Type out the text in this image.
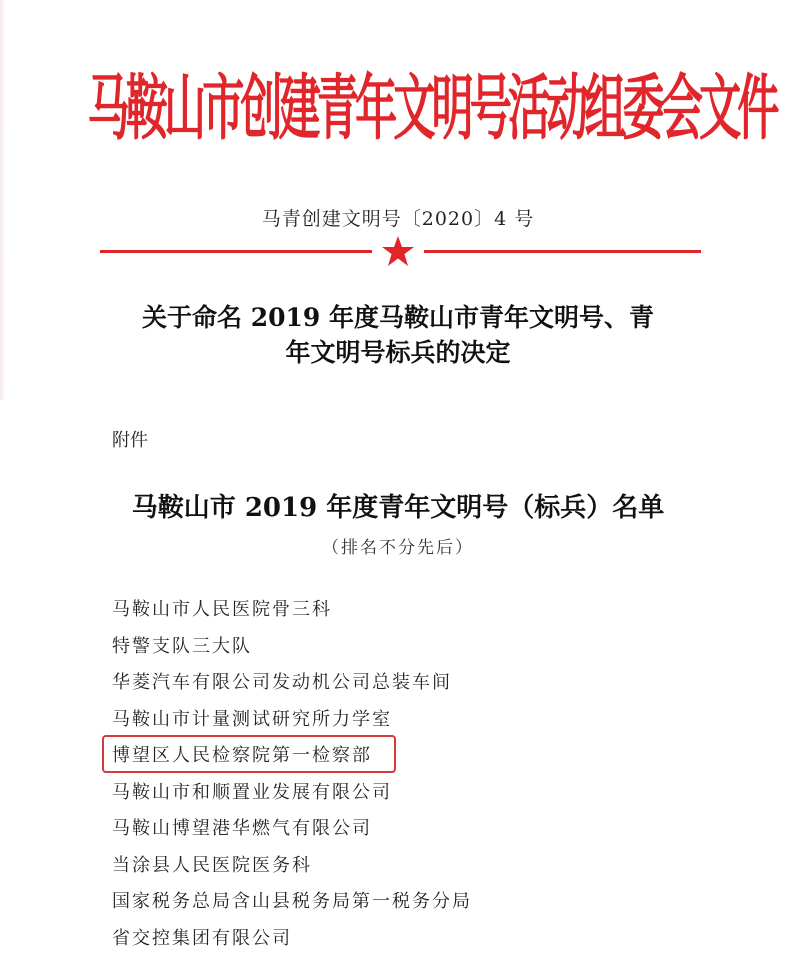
马鞍山市创建青年文明号活动组委会文件
马青创建文明号〔2020〕4 号
关于命名 2019 年度马鞍山市青年文明号、青
年文明号标兵的决定
附件
马鞍山市 2019 年度青年文明号（标兵）名单
（排名不分先后）
马鞍山市人民医院骨三科
特警支队三大队
华菱汽车有限公司发动机公司总装车间
马鞍山市计量测试研究所力学室
博望区人民检察院第一检察部
马鞍山市和顺置业发展有限公司
马鞍山博望港华燃气有限公司
当涂县人民医院医务科
国家税务总局含山县税务局第一税务分局
省交控集团有限公司
